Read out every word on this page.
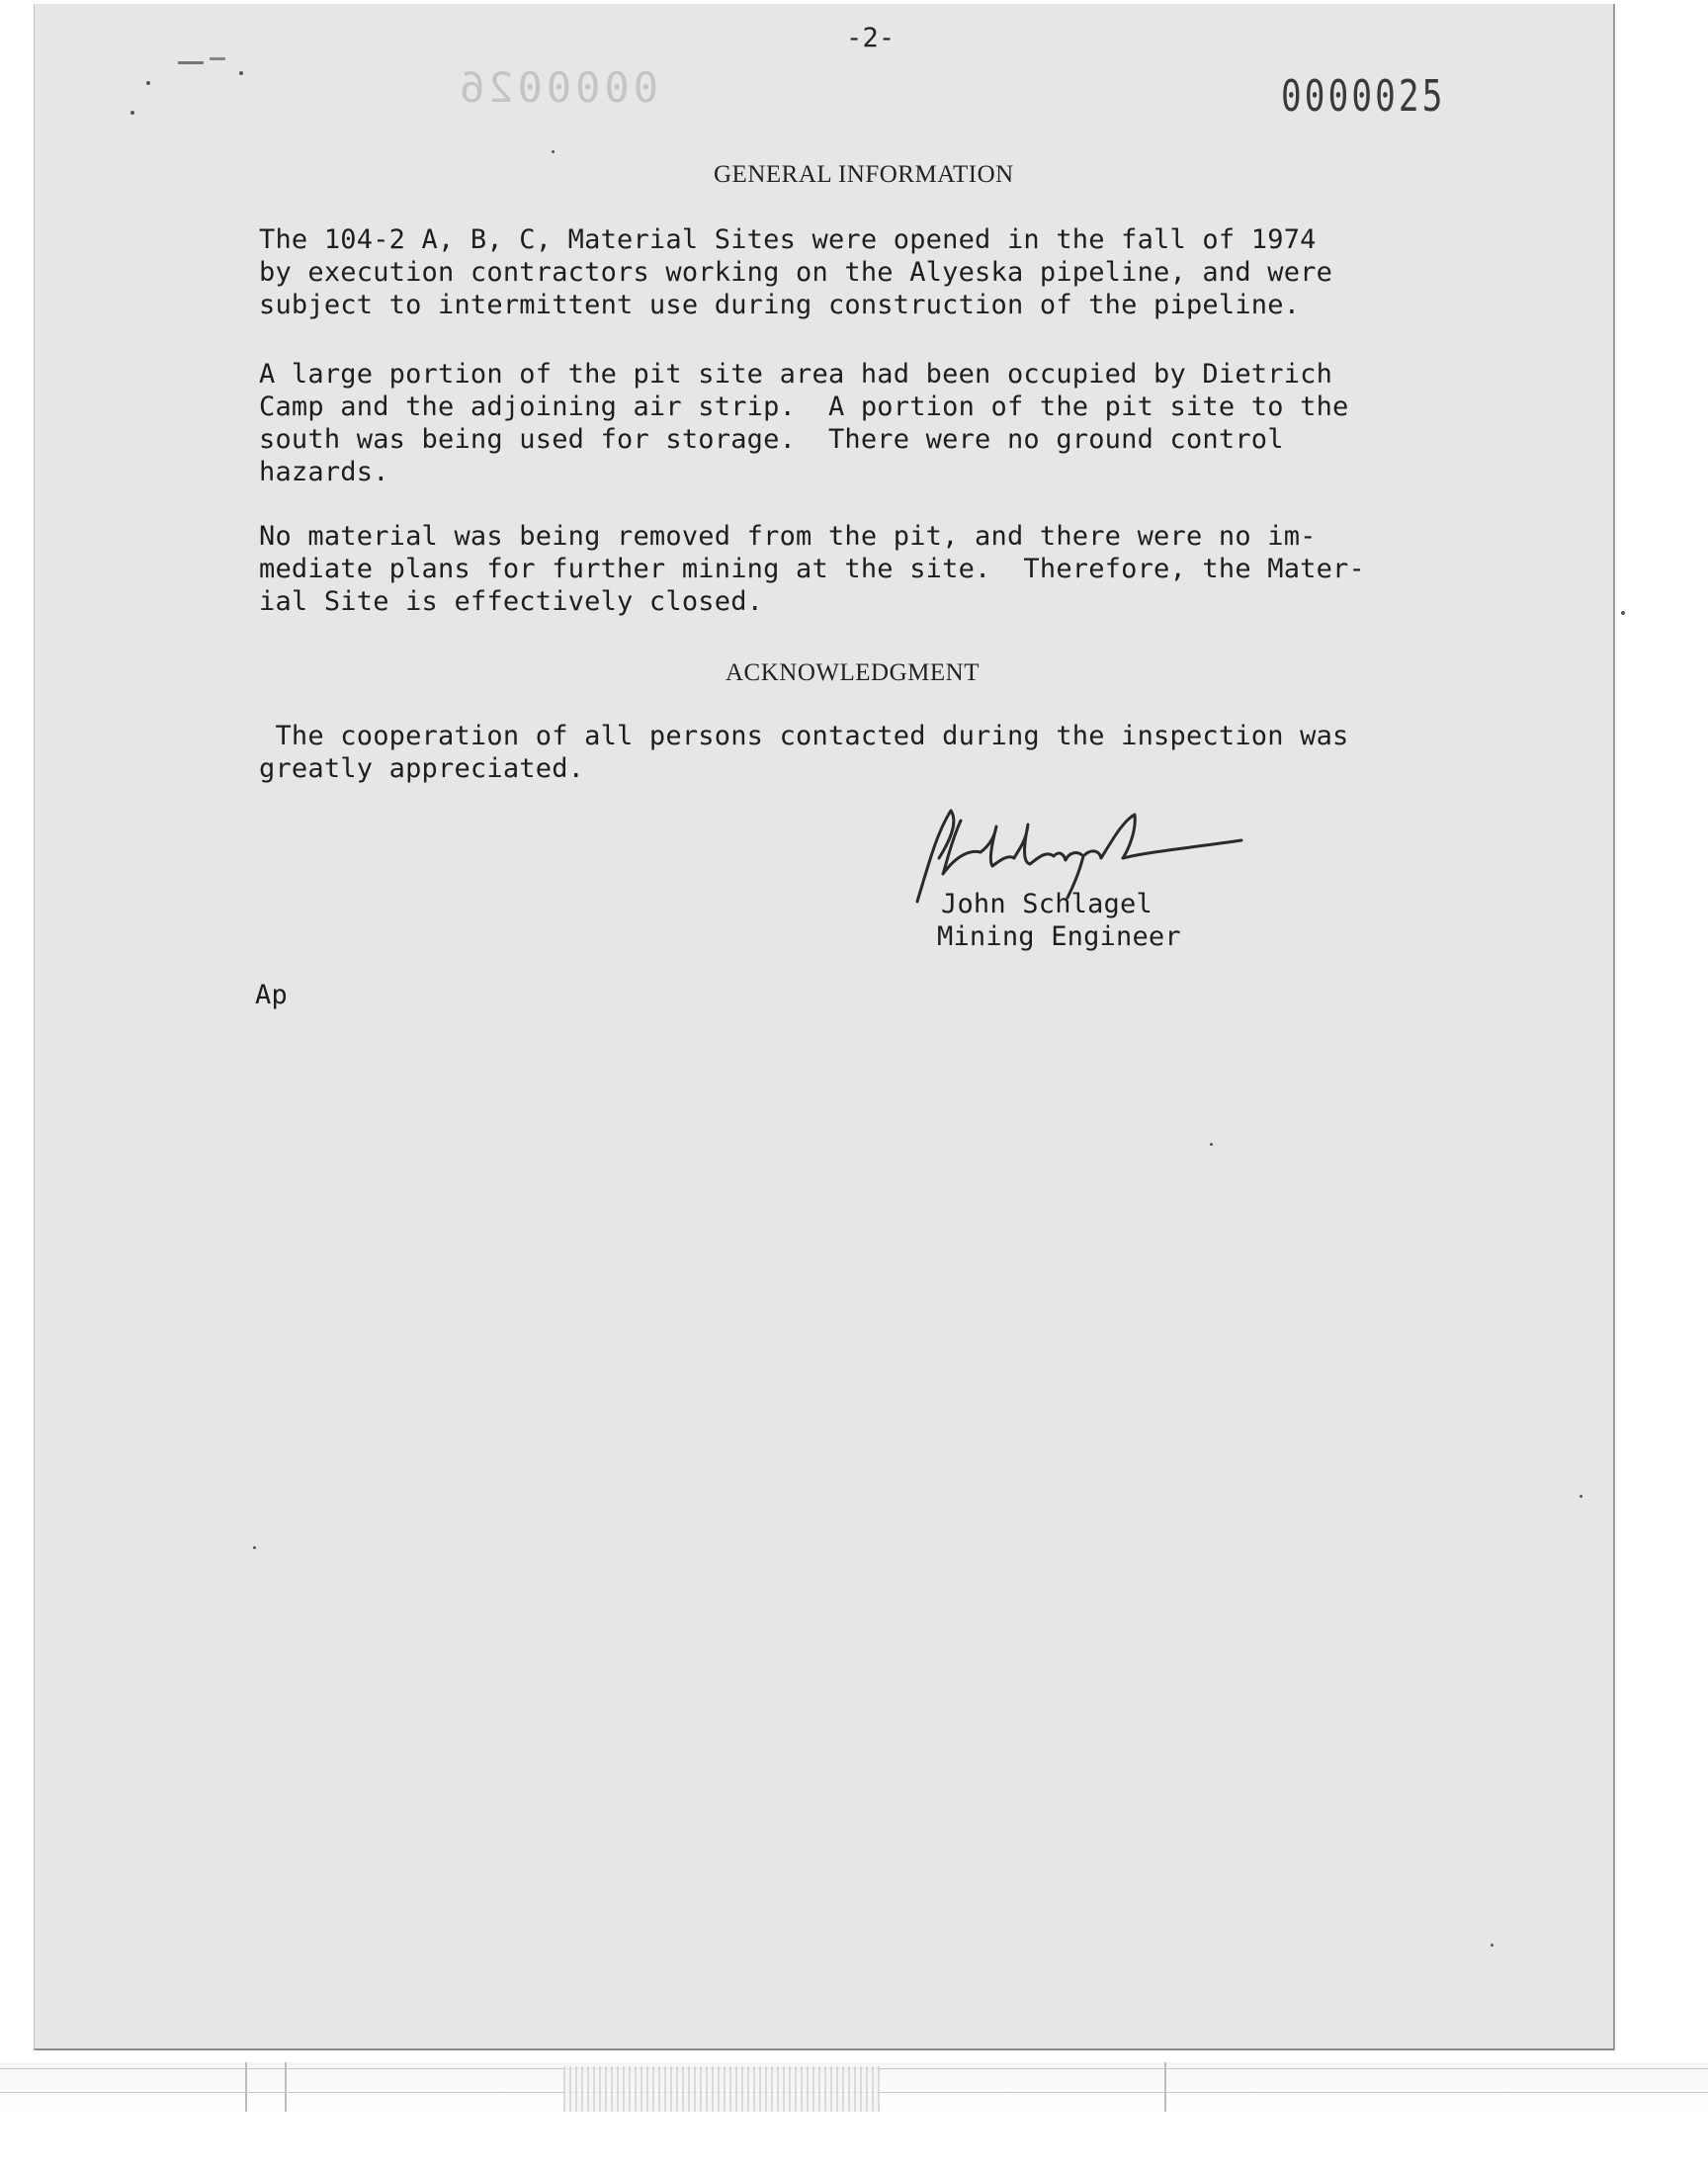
-2-
0000026	0000025
GENERAL INFORMATION
The 104-2 A, B, C, Material Sites were opened in the fall of 1974
by execution contractors working on the Alyeska pipeline, and were
subject to intermittent use during construction of the pipeline.
A large portion of the pit site area had been occupied by Dietrich
Camp and the adjoining air strip.  A portion of the pit site to the
south was being used for storage.  There were no ground control
hazards.
No material was being removed from the pit, and there were no im-
mediate plans for further mining at the site.  Therefore, the Mater-
ial Site is effectively closed.
ACKNOWLEDGMENT
The cooperation of all persons contacted during the inspection was
greatly appreciated.
John Schlagel
Mining Engineer
Ap
